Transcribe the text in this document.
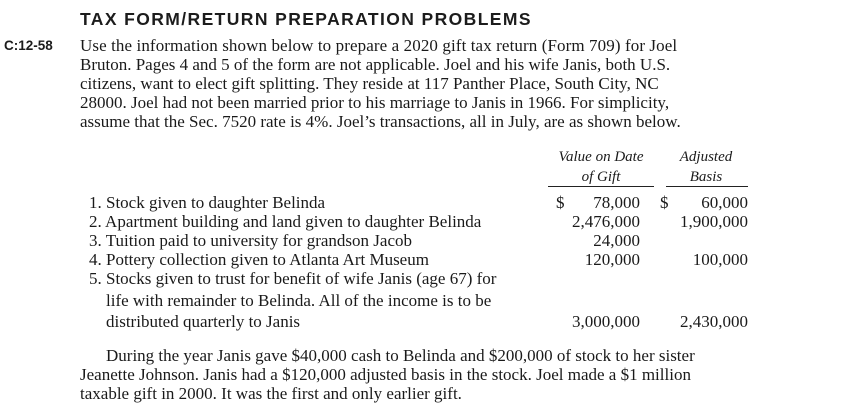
TAX FORM/RETURN PREPARATION PROBLEMS
C:12-58 Use the information shown below to prepare a 2020 gift tax return (Form 709) for Joel
Bruton. Pages 4 and 5 of the form are not applicable. Joel and his wife Janis, both U.S.
citizens, want to elect gift splitting. They reside at 117 Panther Place, South City, NC
28000. Joel had not been married prior to his marriage to Janis in 1966. For simplicity,
assume that the Sec. 7520 rate is 4%. Joel’s transactions, all in July, are as shown below.
Value on Date
of Gift
Adjusted
Basis
1. Stock given to daughter Belinda	$	78,000 $	60,000
2. Apartment building and land given to daughter Belinda	2,476,000	1,900,000
3. Tuition paid to university for grandson Jacob	24,000
4. Pottery collection given to Atlanta Art Museum	120,000	100,000
5. Stocks given to trust for benefit of wife Janis (age 67) for
life with remainder to Belinda. All of the income is to be
distributed quarterly to Janis	3,000,000	2,430,000
During the year Janis gave $40,000 cash to Belinda and $200,000 of stock to her sister
Jeanette Johnson. Janis had a $120,000 adjusted basis in the stock. Joel made a $1 million
taxable gift in 2000. It was the first and only earlier gift.
